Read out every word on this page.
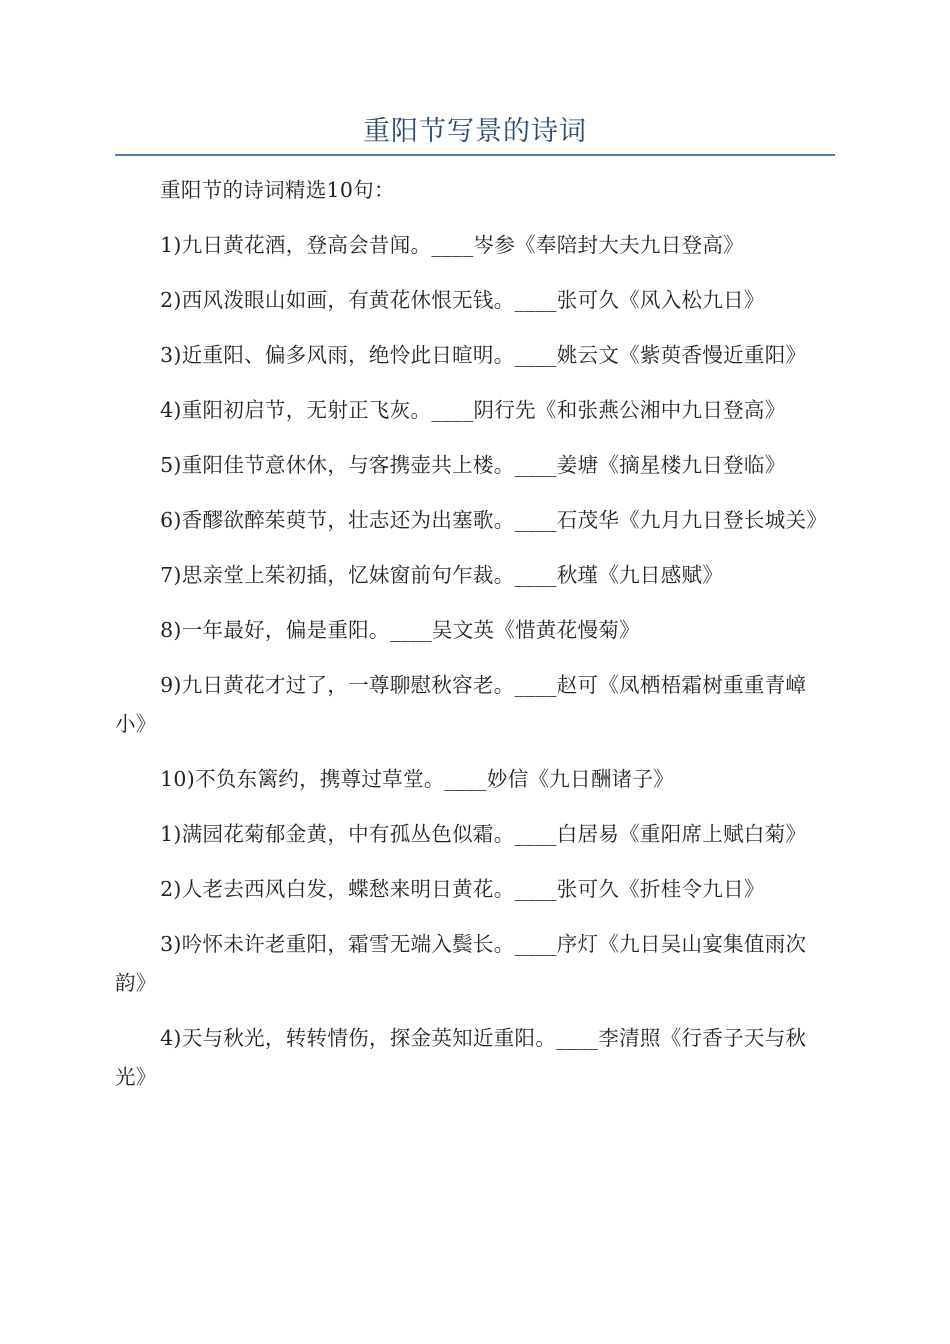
重阳节写景的诗词

重阳节的诗词精选10句：

1)九日黄花酒，登高会昔闻。____岑参《奉陪封大夫九日登高》

2)西风泼眼山如画，有黄花休恨无钱。____张可久《风入松九日》

3)近重阳、偏多风雨，绝怜此日暄明。____姚云文《紫萸香慢近重阳》

4)重阳初启节，无射正飞灰。____阴行先《和张燕公湘中九日登高》

5)重阳佳节意休休，与客携壶共上楼。____姜塘《摘星楼九日登临》

6)香醪欲醉茱萸节，壮志还为出塞歌。____石茂华《九月九日登长城关》

7)思亲堂上茱初插，忆妹窗前句乍裁。____秋瑾《九日感赋》

8)一年最好，偏是重阳。____吴文英《惜黄花慢菊》

9)九日黄花才过了，一尊聊慰秋容老。____赵可《凤栖梧霜树重重青嶂小》

10)不负东篱约，携尊过草堂。____妙信《九日酬诸子》

1)满园花菊郁金黄，中有孤丛色似霜。____白居易《重阳席上赋白菊》

2)人老去西风白发，蝶愁来明日黄花。____张可久《折桂令九日》

3)吟怀未许老重阳，霜雪无端入鬓长。____序灯《九日吴山宴集值雨次韵》

4)天与秋光，转转情伤，探金英知近重阳。____李清照《行香子天与秋光》
